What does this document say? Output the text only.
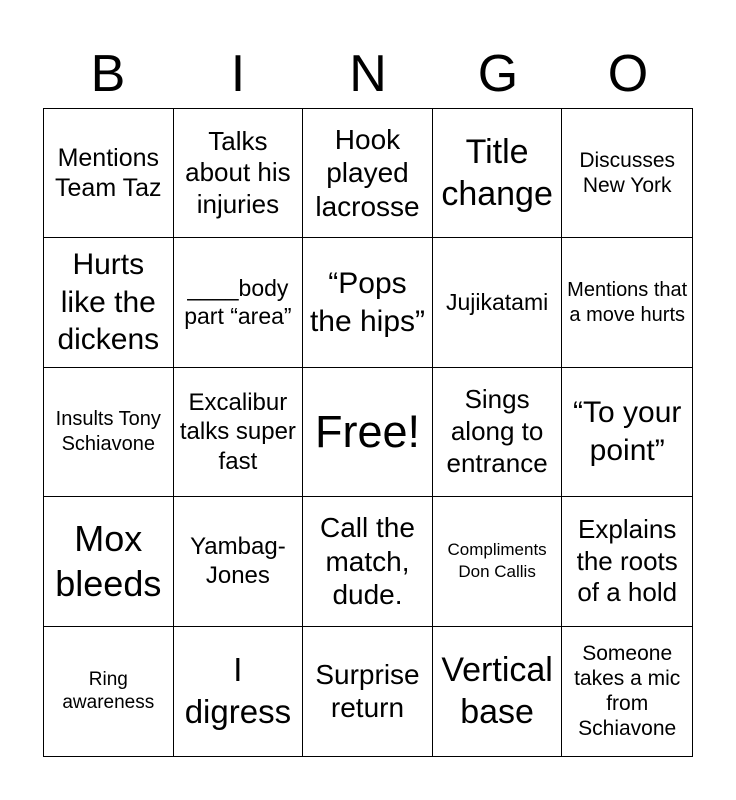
B	I	N	G	O
Mentions Team Taz
Talks about his injuries
Hook played lacrosse
Title change
Discusses New York
Hurts like the dickens
____body part “area”
“Pops the hips”
Jujikatami Mentions that a move hurts
Insults Tony Schiavone
Excalibur talks super fast
Free!
Sings along to entrance
“To your point”
Mox bleeds
Yambag-Jones
Call the match, dude.
Compliments Don Callis
Explains the roots of a hold
Ring awareness
I digress
Surprise return
Vertical base
Someone takes a mic from Schiavone
